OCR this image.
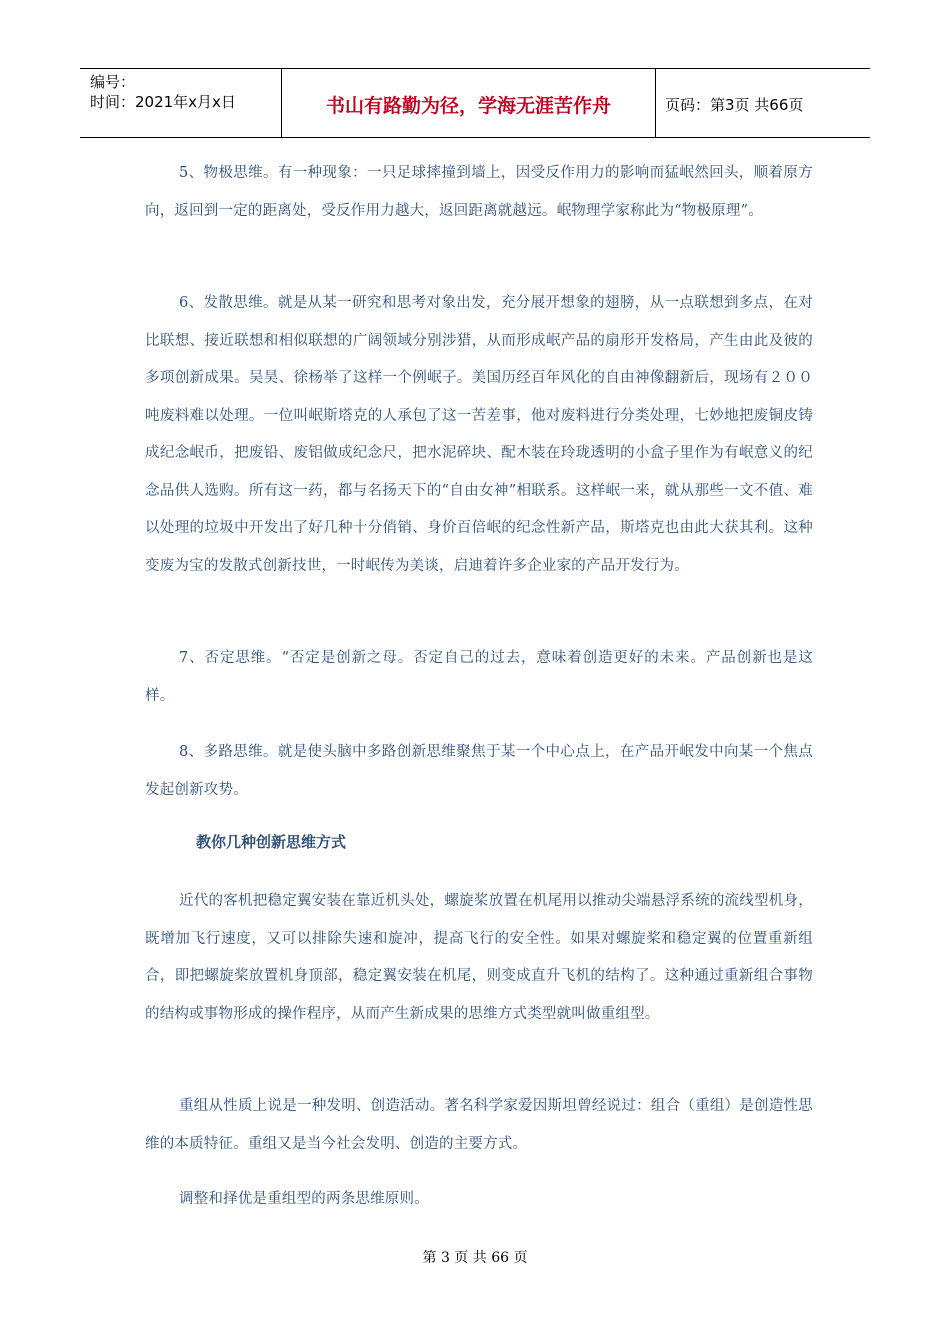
编号：
时间：2021年x月x日	书山有路勤为径，学海无涯苦作舟	页码：第3页 共66页

5、物极思维。有一种现象：一只足球摔撞到墙上，因受反作用力的影响而猛岷然回头，顺着原方向，返回到一定的距离处，受反作用力越大，返回距离就越远。岷物理学家称此为“物极原理”。

6、发散思维。就是从某一研究和思考对象出发，充分展开想象的翅膀，从一点联想到多点，在对比联想、接近联想和相似联想的广阔领域分别涉猎，从而形成岷产品的扇形开发格局，产生由此及彼的多项创新成果。吴昊、徐杨举了这样一个例岷子。美国历经百年风化的自由神像翻新后，现场有２００吨废料难以处理。一位叫岷斯塔克的人承包了这一苦差事，他对废料进行分类处理，七妙地把废铜皮铸成纪念岷币，把废铅、废铝做成纪念尺，把水泥碎块、配木装在玲珑透明的小盒子里作为有岷意义的纪念品供人选购。所有这一药，都与名扬天下的“自由女神”相联系。这样岷一来，就从那些一文不值、难以处理的垃圾中开发出了好几种十分俏销、身价百倍岷的纪念性新产品，斯塔克也由此大获其利。这种变废为宝的发散式创新技世，一时岷传为美谈，启迪着许多企业家的产品开发行为。

7、否定思维。“否定是创新之母。否定自己的过去，意味着创造更好的未来。产品创新也是这样。

8、多路思维。就是使头脑中多路创新思维聚焦于某一个中心点上，在产品开岷发中向某一个焦点发起创新攻势。

教你几种创新思维方式

近代的客机把稳定翼安装在靠近机头处，螺旋桨放置在机尾用以推动尖端悬浮系统的流线型机身，既增加飞行速度，又可以排除失速和旋冲，提高飞行的安全性。如果对螺旋桨和稳定翼的位置重新组合，即把螺旋桨放置机身顶部，稳定翼安装在机尾，则变成直升飞机的结构了。这种通过重新组合事物的结构或事物形成的操作程序，从而产生新成果的思维方式类型就叫做重组型。

重组从性质上说是一种发明、创造活动。著名科学家爱因斯坦曾经说过：组合（重组）是创造性思维的本质特征。重组又是当今社会发明、创造的主要方式。

调整和择优是重组型的两条思维原则。

第 3 页 共 66 页
